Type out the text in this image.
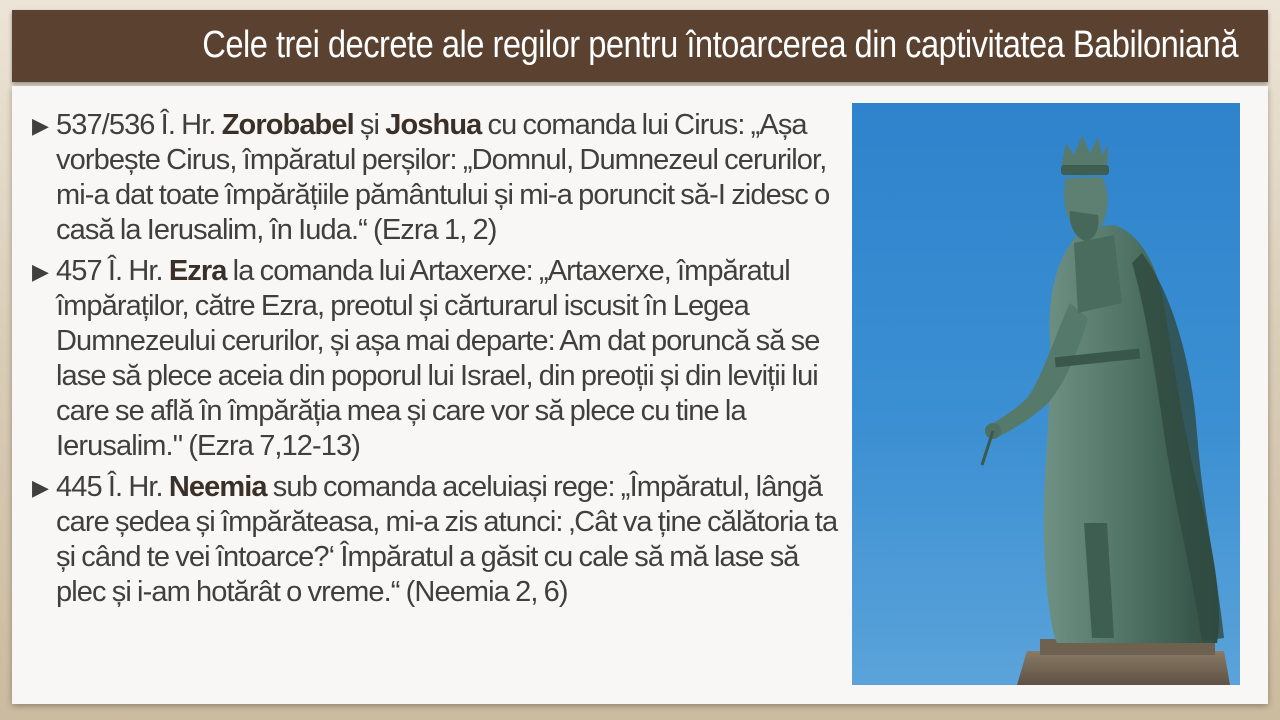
Cele trei decrete ale regilor pentru întoarcerea din captivitatea Babiloniană
▶ 537/536 Î. Hr. Zorobabel și Joshua cu comanda lui Cirus: „Așa vorbește Cirus, împăratul perșilor: „Domnul, Dumnezeul cerurilor, mi-a dat toate împărățiile pământului și mi-a poruncit să-I zidesc o casă la Ierusalim, în Iuda.“ (Ezra 1, 2)
▶ 457 Î. Hr. Ezra la comanda lui Artaxerxe: „Artaxerxe, împăratul împăraților, către Ezra, preotul și cărturarul iscusit în Legea Dumnezeului cerurilor, și așa mai departe: Am dat poruncă să se lase să plece aceia din poporul lui Israel, din preoții și din leviții lui care se află în împărăția mea și care vor să plece cu tine la Ierusalim." (Ezra 7,12-13)
▶ 445 Î. Hr. Neemia sub comanda aceluiași rege: „Împăratul, lângă care ședea și împărăteasa, mi-a zis atunci: ‚Cât va ține călătoria ta și când te vei întoarce?‘ Împăratul a găsit cu cale să mă lase să plec și i-am hotărât o vreme.“ (Neemia 2, 6)
